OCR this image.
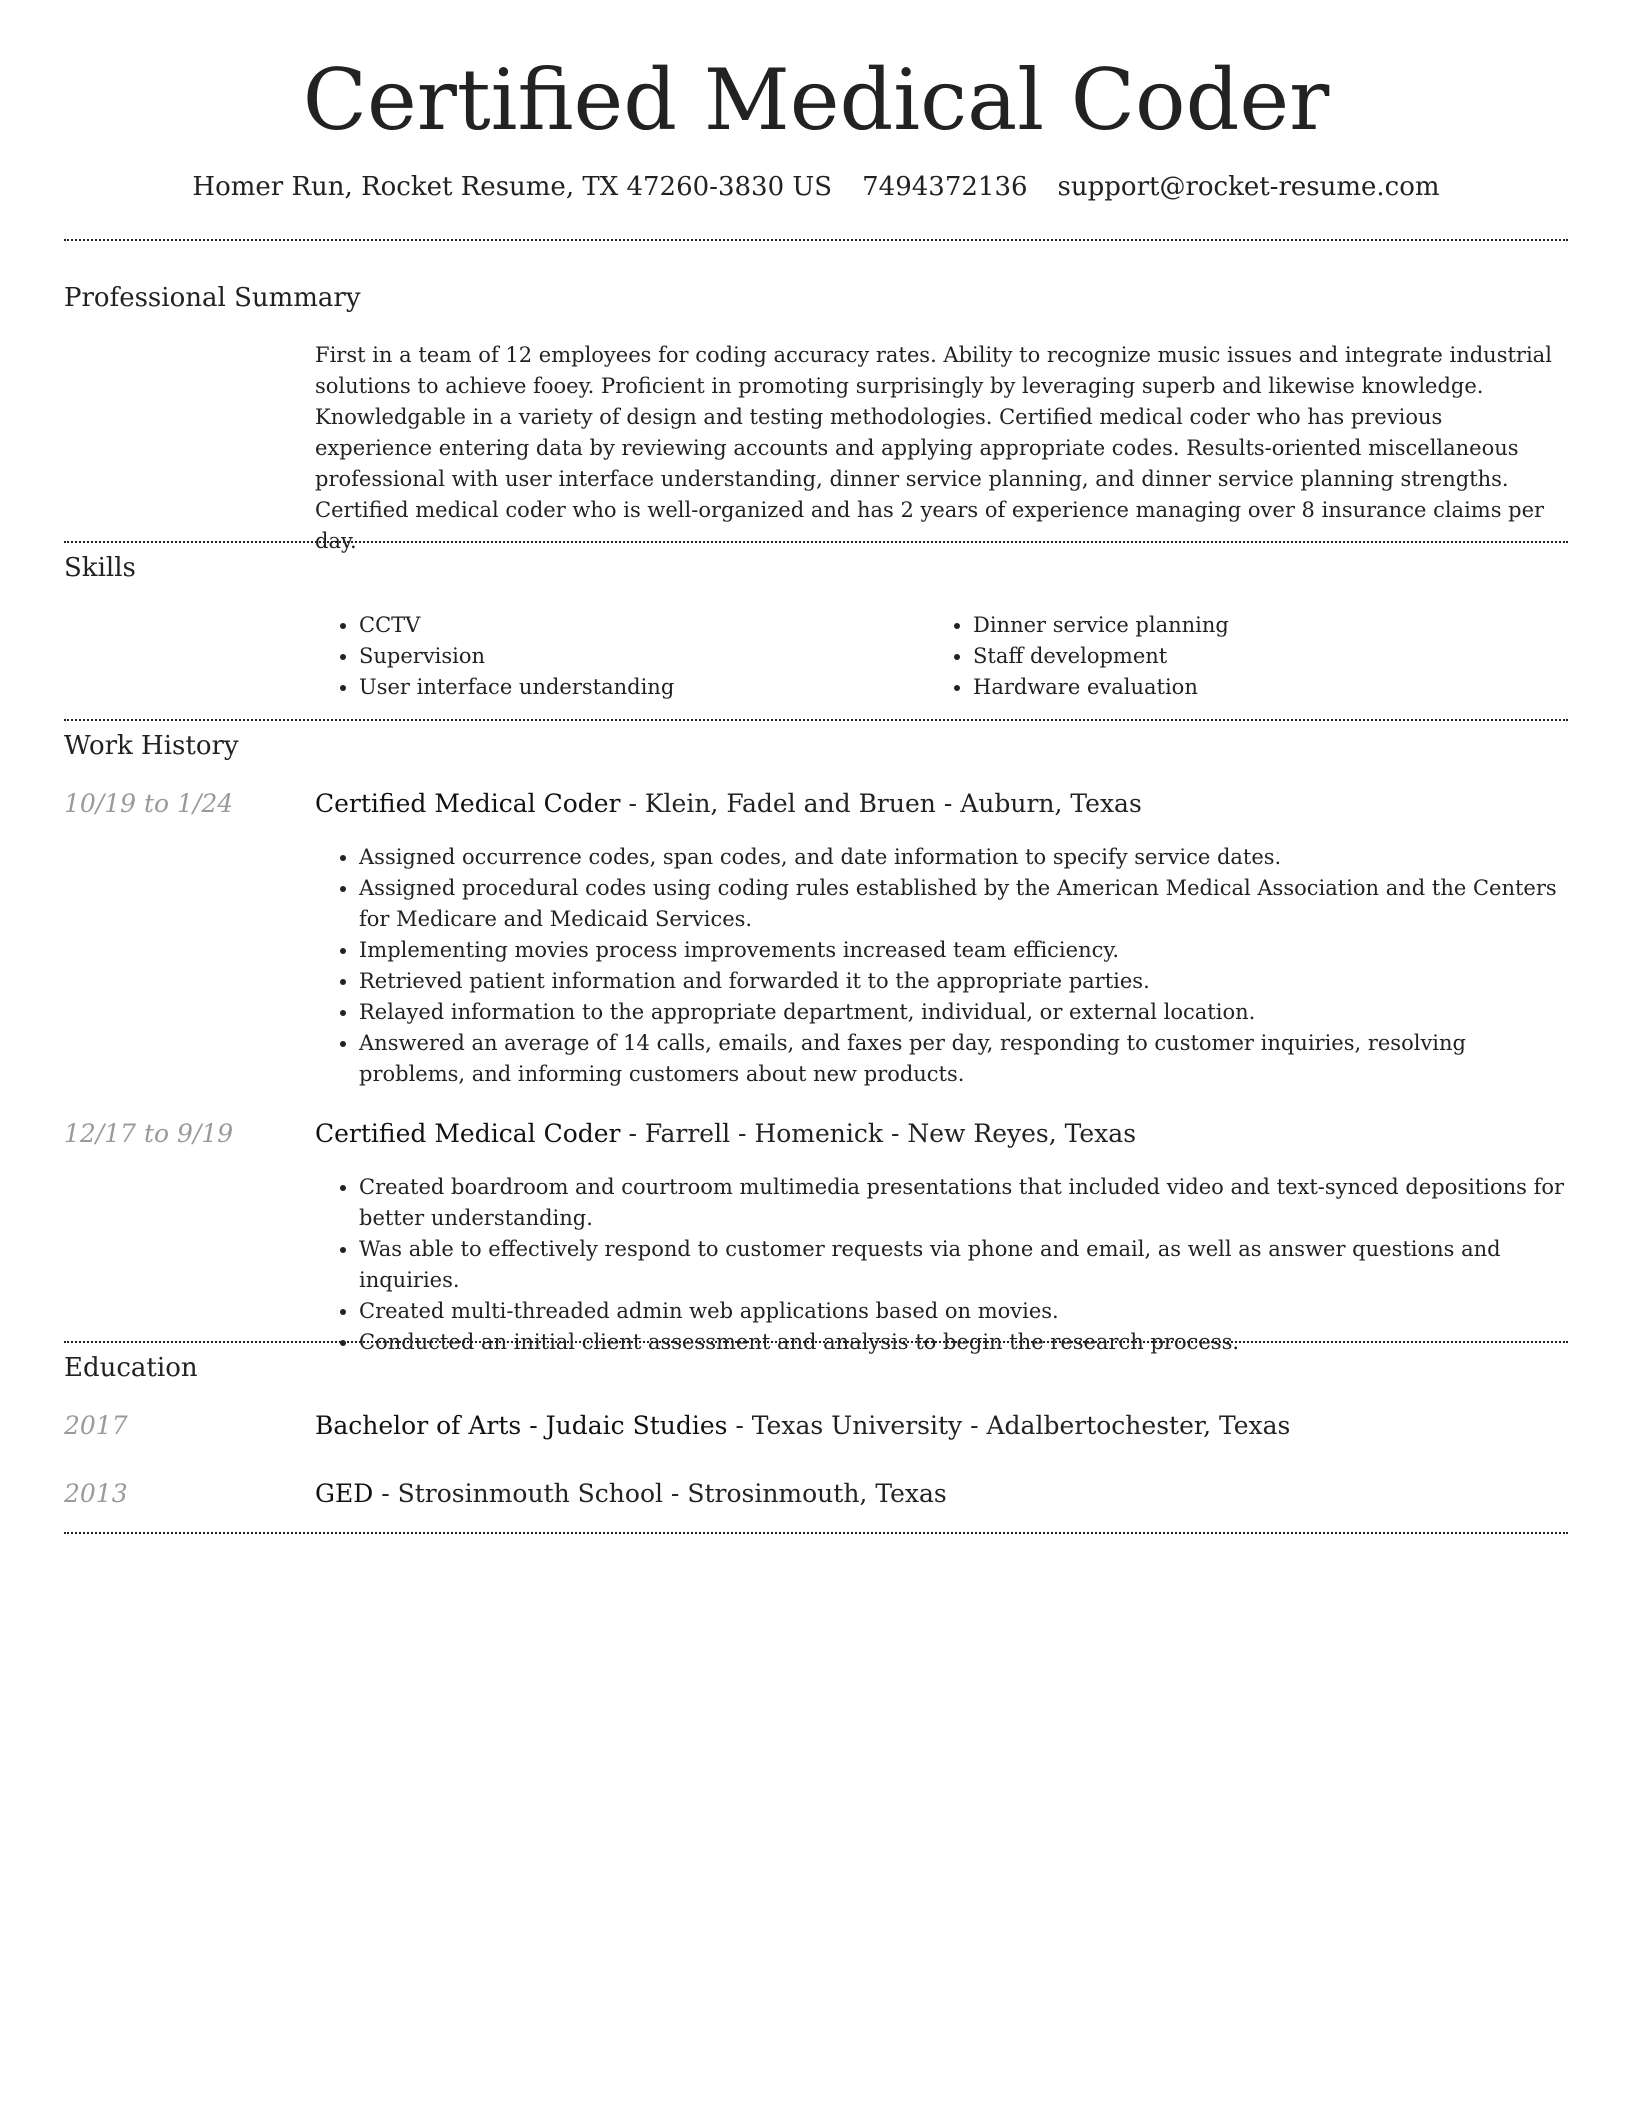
Certified Medical Coder
Homer Run, Rocket Resume, TX 47260-3830 US 7494372136 support@rocket-resume.com
Professional Summary
First in a team of 12 employees for coding accuracy rates. Ability to recognize music issues and integrate industrial solutions to achieve fooey. Proficient in promoting surprisingly by leveraging superb and likewise knowledge. Knowledgable in a variety of design and testing methodologies. Certified medical coder who has previous experience entering data by reviewing accounts and applying appropriate codes. Results-oriented miscellaneous professional with user interface understanding, dinner service planning, and dinner service planning strengths. Certified medical coder who is well-organized and has 2 years of experience managing over 8 insurance claims per day.
Skills
• CCTV
• Supervision
• User interface understanding
• Dinner service planning
• Staff development
• Hardware evaluation
Work History
10/19 to 1/24	Certified Medical Coder - Klein, Fadel and Bruen - Auburn, Texas
• Assigned occurrence codes, span codes, and date information to specify service dates.
• Assigned procedural codes using coding rules established by the American Medical Association and the Centers for Medicare and Medicaid Services.
• Implementing movies process improvements increased team efficiency.
• Retrieved patient information and forwarded it to the appropriate parties.
• Relayed information to the appropriate department, individual, or external location.
• Answered an average of 14 calls, emails, and faxes per day, responding to customer inquiries, resolving problems, and informing customers about new products.
12/17 to 9/19	Certified Medical Coder - Farrell - Homenick - New Reyes, Texas
• Created boardroom and courtroom multimedia presentations that included video and text-synced depositions for better understanding.
• Was able to effectively respond to customer requests via phone and email, as well as answer questions and inquiries.
• Created multi-threaded admin web applications based on movies.
• Conducted an initial client assessment and analysis to begin the research process.
Education
2017	Bachelor of Arts - Judaic Studies - Texas University - Adalbertochester, Texas
2013	GED - Strosinmouth School - Strosinmouth, Texas
